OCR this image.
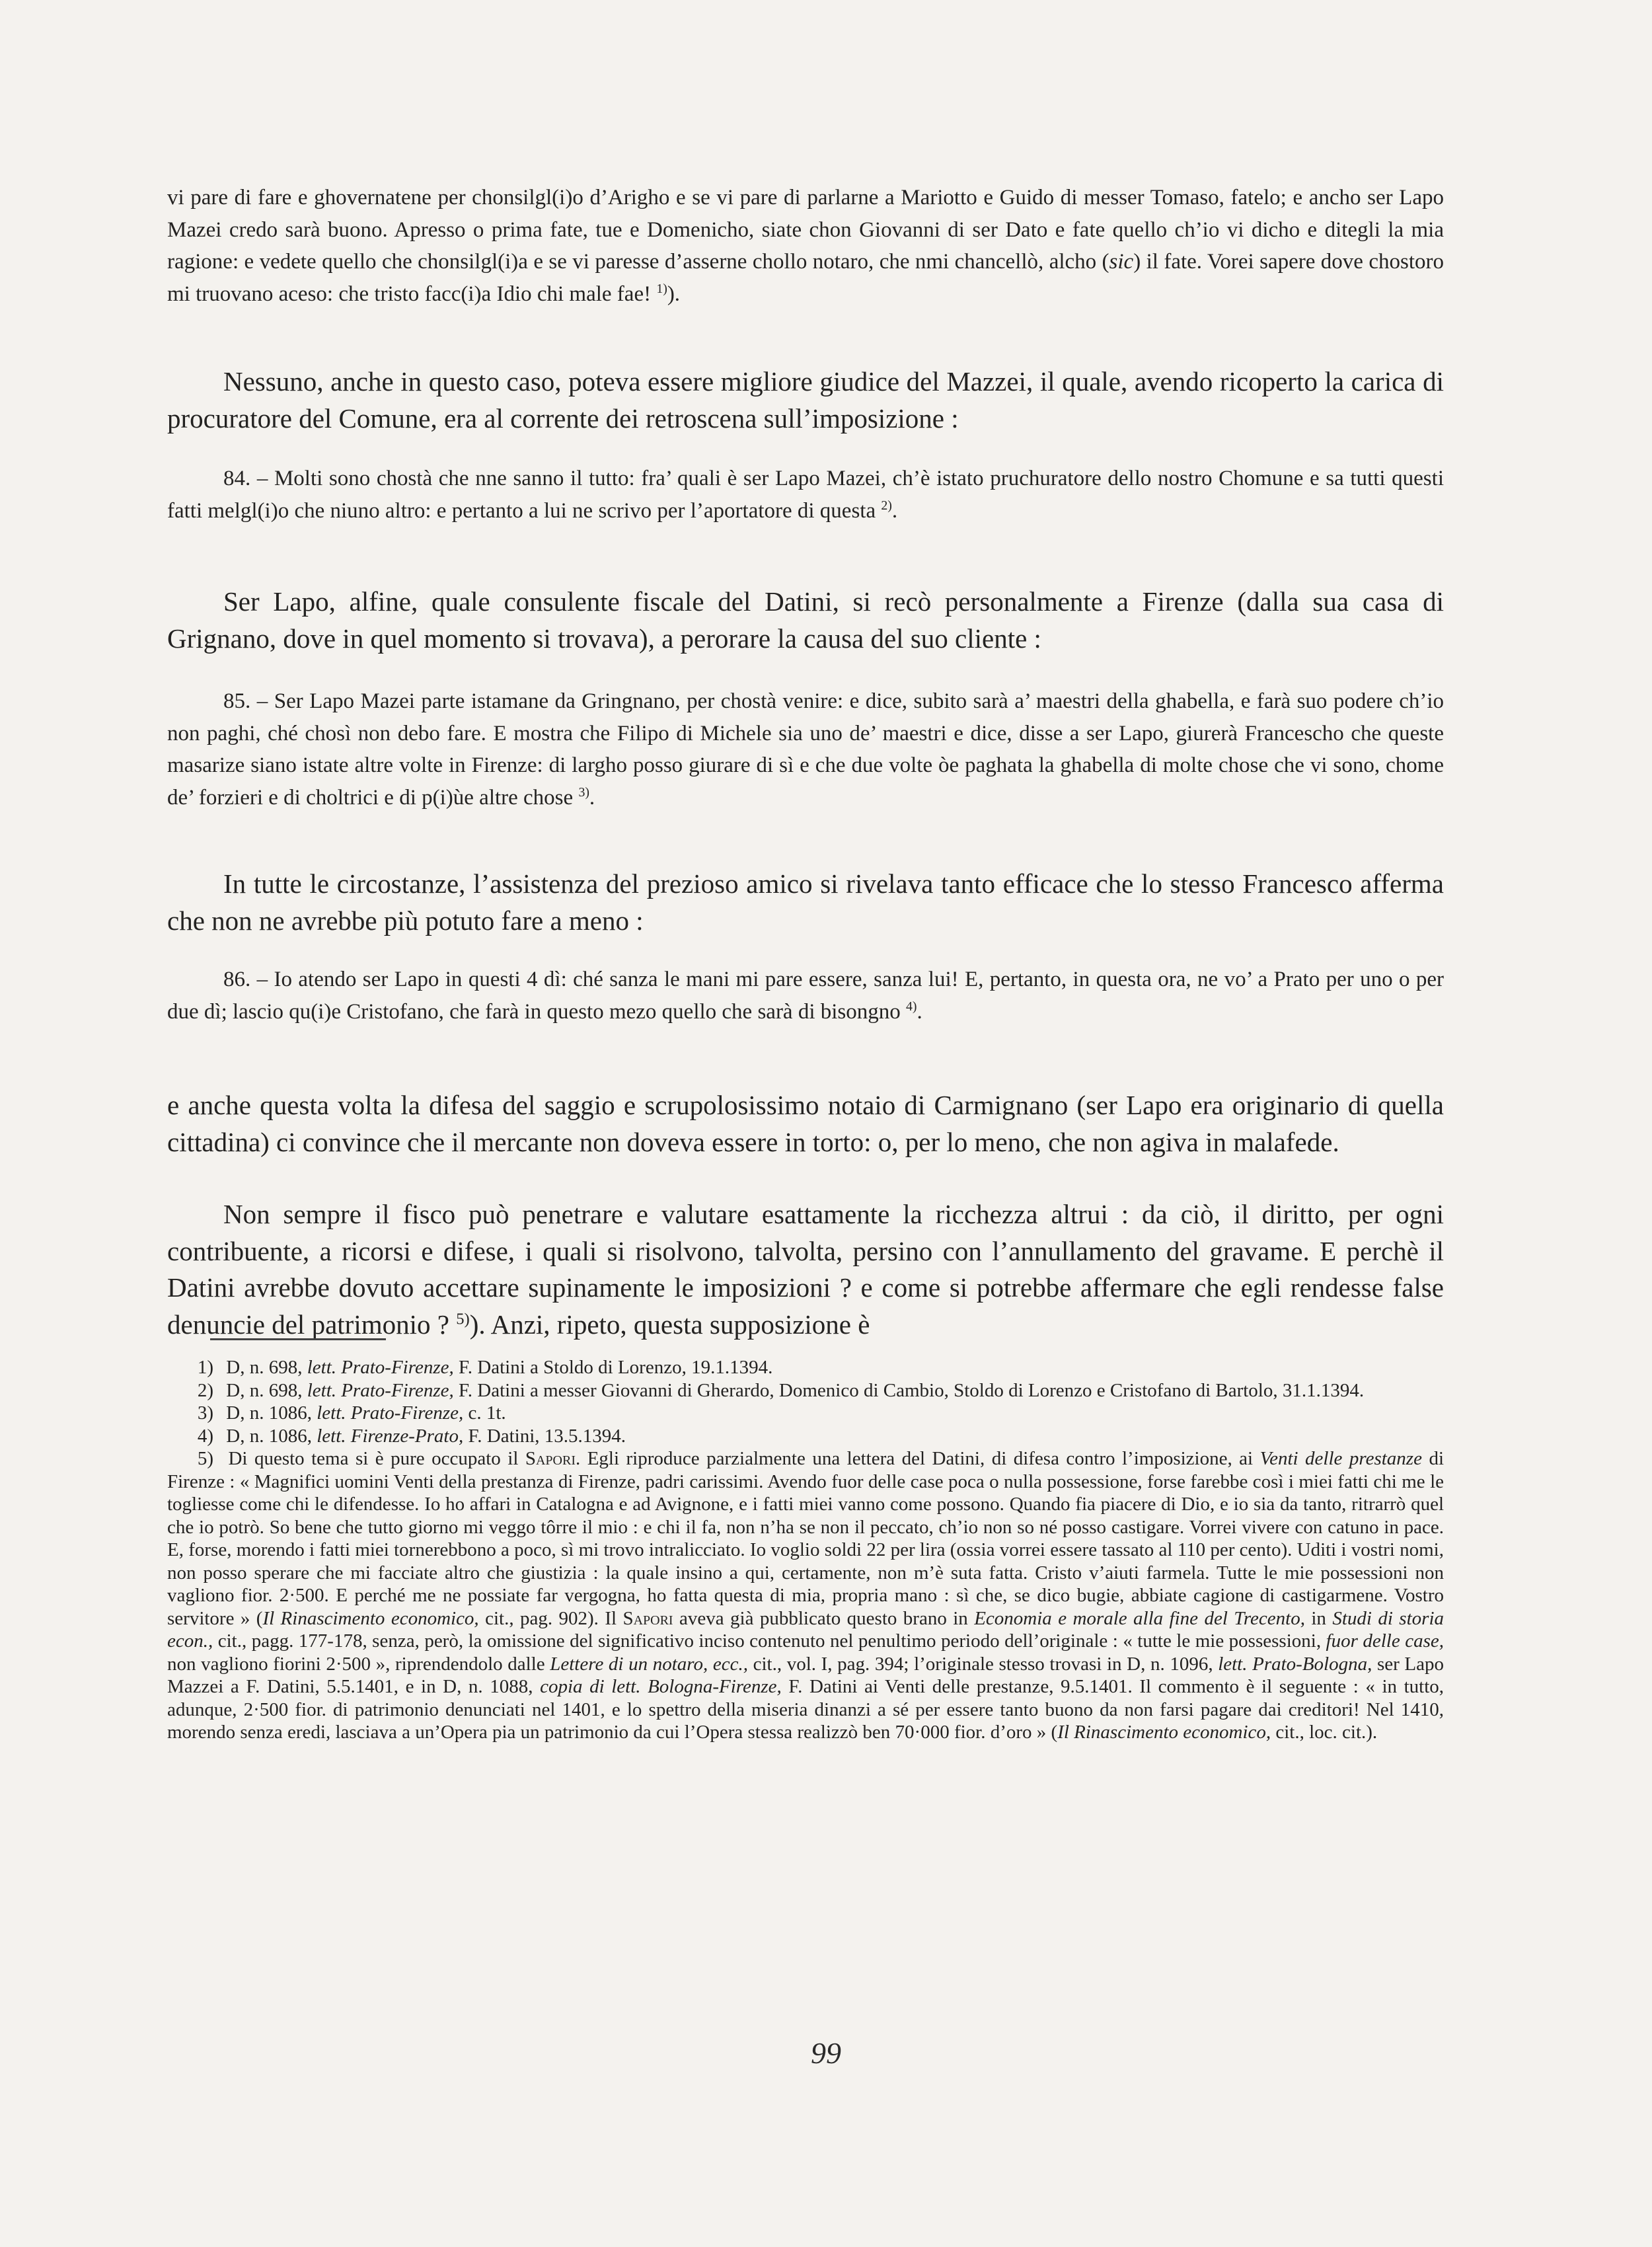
vi pare di fare e ghovernatene per chonsilgl(i)o d’Arigho e se vi pare di parlarne a Mariotto e Guido di messer Tomaso, fatelo; e ancho ser Lapo Mazei credo sarà buono. Apresso o prima fate, tue e Domenicho, siate chon Giovanni di ser Dato e fate quello ch’io vi dicho e ditegli la mia ragione: e vedete quello che chonsilgl(i)a e se vi paresse d’asserne chollo notaro, che nmi chancellò, alcho (sic) il fate. Vorei sapere dove chostoro mi truovano aceso: che tristo facc(i)a Idio chi male fae! $^{1)}$).

Nessuno, anche in questo caso, poteva essere migliore giudice del Mazzei, il quale, avendo ricoperto la carica di procuratore del Comune, era al corrente dei retroscena sull’imposizione :

84. – Molti sono chostà che nne sanno il tutto: fra’ quali è ser Lapo Mazei, ch’è istato pruchuratore dello nostro Chomune e sa tutti questi fatti melgl(i)o che niuno altro: e pertanto a lui ne scrivo per l’aportatore di questa $^{2)}$.

Ser Lapo, alfine, quale consulente fiscale del Datini, si recò personalmente a Firenze (dalla sua casa di Grignano, dove in quel momento si trovava), a perorare la causa del suo cliente :

85. – Ser Lapo Mazei parte istamane da Gringnano, per chostà venire: e dice, subito sarà a’ maestri della ghabella, e farà suo podere ch’io non paghi, ché chosì non debo fare. E mostra che Filipo di Michele sia uno de’ maestri e dice, disse a ser Lapo, giurerà Francescho che queste masarize siano istate altre volte in Firenze: di largho posso giurare di sì e che due volte òe paghata la ghabella di molte chose che vi sono, chome de’ forzieri e di choltrici e di p(i)ùe altre chose $^{3)}$.

In tutte le circostanze, l’assistenza del prezioso amico si rivelava tanto efficace che lo stesso Francesco afferma che non ne avrebbe più potuto fare a meno :

86. – Io atendo ser Lapo in questi 4 dì: ché sanza le mani mi pare essere, sanza lui! E, pertanto, in questa ora, ne vo’ a Prato per uno o per due dì; lascio qu(i)e Cristofano, che farà in questo mezo quello che sarà di bisongno $^{4)}$.

e anche questa volta la difesa del saggio e scrupolosissimo notaio di Carmignano (ser Lapo era originario di quella cittadina) ci convince che il mercante non doveva essere in torto: o, per lo meno, che non agiva in malafede.

Non sempre il fisco può penetrare e valutare esattamente la ricchezza altrui : da ciò, il diritto, per ogni contribuente, a ricorsi e difese, i quali si risolvono, talvolta, persino con l’annullamento del gravame. E perchè il Datini avrebbe dovuto accettare supinamente le imposizioni ? e come si potrebbe affermare che egli rendesse false denuncie del patrimonio ? $^{5)}$). Anzi, ripeto, questa supposizione è

1) D, n. 698, lett. Prato-Firenze, F. Datini a Stoldo di Lorenzo, 19.1.1394.

2) D, n. 698, lett. Prato-Firenze, F. Datini a messer Giovanni di Gherardo, Domenico di Cambio, Stoldo di Lorenzo e Cristofano di Bartolo, 31.1.1394.

3) D, n. 1086, lett. Prato-Firenze, c. 1t.

4) D, n. 1086, lett. Firenze-Prato, F. Datini, 13.5.1394.

5) Di questo tema si è pure occupato il Sapori. Egli riproduce parzialmente una lettera del Datini, di difesa contro l’imposizione, ai Venti delle prestanze di Firenze : « Magnifici uomini Venti della prestanza di Firenze, padri carissimi. Avendo fuor delle case poca o nulla possessione, forse farebbe così i miei fatti chi me le togliesse come chi le difendesse. Io ho affari in Catalogna e ad Avignone, e i fatti miei vanno come possono. Quando fia piacere di Dio, e io sia da tanto, ritrarrò quel che io potrò. So bene che tutto giorno mi veggo tôrre il mio : e chi il fa, non n’ha se non il peccato, ch’io non so né posso castigare. Vorrei vivere con catuno in pace. E, forse, morendo i fatti miei tornerebbono a poco, sì mi trovo intralicciato. Io voglio soldi 22 per lira (ossia vorrei essere tassato al 110 per cento). Uditi i vostri nomi, non posso sperare che mi facciate altro che giustizia : la quale insino a qui, certamente, non m’è suta fatta. Cristo v’aiuti farmela. Tutte le mie possessioni non vagliono fior. 2·500. E perché me ne possiate far vergogna, ho fatta questa di mia, propria mano : sì che, se dico bugie, abbiate cagione di castigarmene. Vostro servitore » (Il Rinascimento economico, cit., pag. 902). Il Sapori aveva già pubblicato questo brano in Economia e morale alla fine del Trecento, in Studi di storia econ., cit., pagg. 177-178, senza, però, la omissione del significativo inciso contenuto nel penultimo periodo dell’originale : « tutte le mie possessioni, fuor delle case, non vagliono fiorini 2·500 », riprendendolo dalle Lettere di un notaro, ecc., cit., vol. I, pag. 394; l’originale stesso trovasi in D, n. 1096, lett. Prato-Bologna, ser Lapo Mazzei a F. Datini, 5.5.1401, e in D, n. 1088, copia di lett. Bologna-Firenze, F. Datini ai Venti delle prestanze, 9.5.1401. Il commento è il seguente : « in tutto, adunque, 2·500 fior. di patrimonio denunciati nel 1401, e lo spettro della miseria dinanzi a sé per essere tanto buono da non farsi pagare dai creditori! Nel 1410, morendo senza eredi, lasciava a un’Opera pia un patrimonio da cui l’Opera stessa realizzò ben 70·000 fior. d’oro » (Il Rinascimento economico, cit., loc. cit.).

99
